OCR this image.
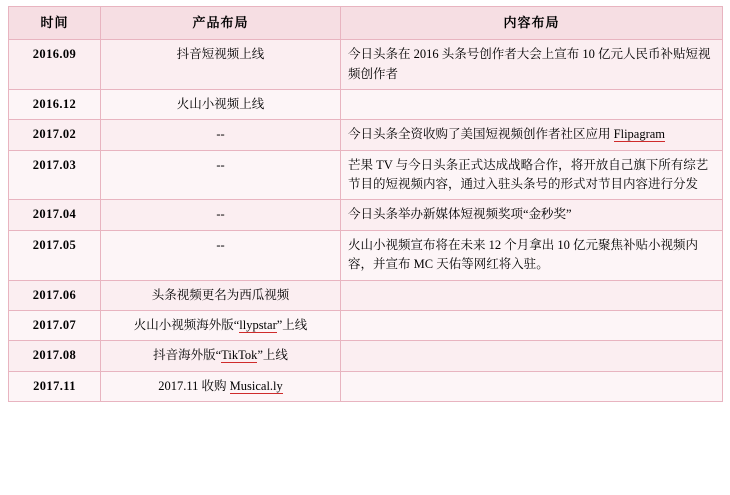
时间	产品布局	内容布局
2016.09	抖音短视频上线	今日头条在 2016 头条号创作者大会上宣布 10 亿元人民币补贴短视频创作者
2016.12	火山小视频上线	
2017.02	--	今日头条全资收购了美国短视频创作者社区应用 Flipagram
2017.03	--	芒果 TV 与今日头条正式达成战略合作，将开放自己旗下所有综艺节目的短视频内容，通过入驻头条号的形式对节目内容进行分发
2017.04	--	今日头条举办新媒体短视频奖项“金秒奖”
2017.05	--	火山小视频宣布将在未来 12 个月拿出 10 亿元聚焦补贴小视频内容，并宣布 MC 天佑等网红将入驻。
2017.06	头条视频更名为西瓜视频	
2017.07	火山小视频海外版“llypstar”上线	
2017.08	抖音海外版“TikTok”上线	
2017.11	2017.11 收购 Musical.ly	
